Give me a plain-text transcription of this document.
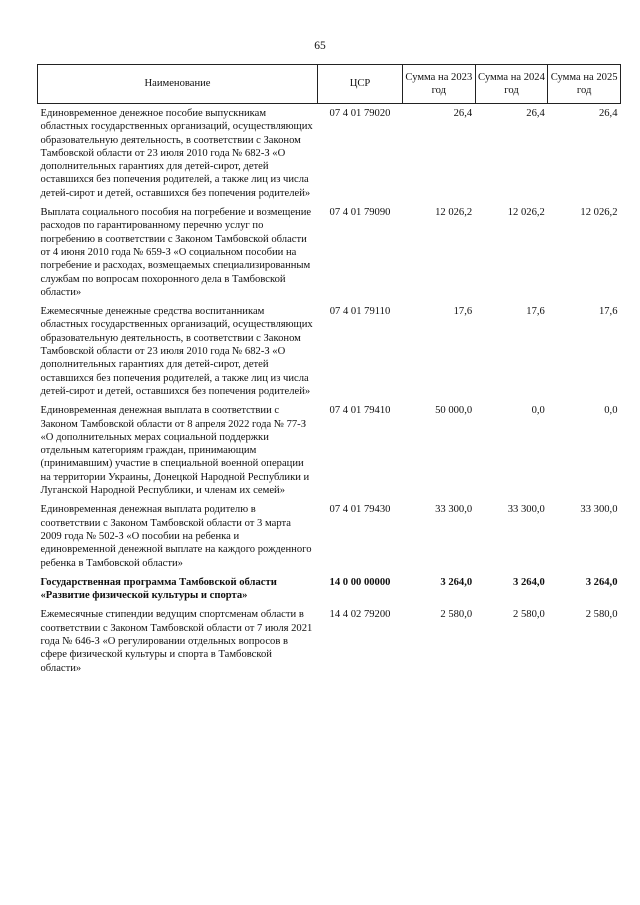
65
Наименование	ЦСР	Сумма на 2023 год	Сумма на 2024 год	Сумма на 2025 год
Единовременное денежное пособие выпускникам областных государственных организаций, осуществляющих образовательную деятельность, в соответствии с Законом Тамбовской области от 23 июля 2010 года № 682-З «О дополнительных гарантиях для детей-сирот, детей оставшихся без попечения родителей, а также лиц из числа детей-сирот и детей, оставшихся без попечения родителей»	07 4 01 79020	26,4	26,4	26,4
Выплата социального пособия на погребение и возмещение расходов по гарантированному перечню услуг по погребению в соответствии с Законом Тамбовской области от 4 июня 2010 года № 659-З «О социальном пособии на погребение и расходах, возмещаемых специализированным службам по вопросам похоронного дела в Тамбовской области»	07 4 01 79090	12 026,2	12 026,2	12 026,2
Ежемесячные денежные средства воспитанникам областных государственных организаций, осуществляющих образовательную деятельность, в соответствии с Законом Тамбовской области от 23 июля 2010 года № 682-З «О дополнительных гарантиях для детей-сирот, детей оставшихся без попечения родителей, а также лиц из числа детей-сирот и детей, оставшихся без попечения родителей»	07 4 01 79110	17,6	17,6	17,6
Единовременная денежная выплата в соответствии с Законом Тамбовской области от 8 апреля 2022 года № 77-З «О дополнительных мерах социальной поддержки отдельным категориям граждан, принимающим (принимавшим) участие в специальной военной операции на территории Украины, Донецкой Народной Республики и Луганской Народной Республики, и членам их семей»	07 4 01 79410	50 000,0	0,0	0,0
Единовременная денежная выплата родителю в соответствии с Законом Тамбовской области от 3 марта 2009 года № 502-З «О пособии на ребенка и единовременной денежной выплате на каждого рожденного ребенка в Тамбовской области»	07 4 01 79430	33 300,0	33 300,0	33 300,0
Государственная программа Тамбовской области «Развитие физической культуры и спорта»	14 0 00 00000	3 264,0	3 264,0	3 264,0
Ежемесячные стипендии ведущим спортсменам области в соответствии с Законом Тамбовской области от 7 июля 2021 года № 646-З «О регулировании отдельных вопросов в сфере физической культуры и спорта в Тамбовской области»	14 4 02 79200	2 580,0	2 580,0	2 580,0
